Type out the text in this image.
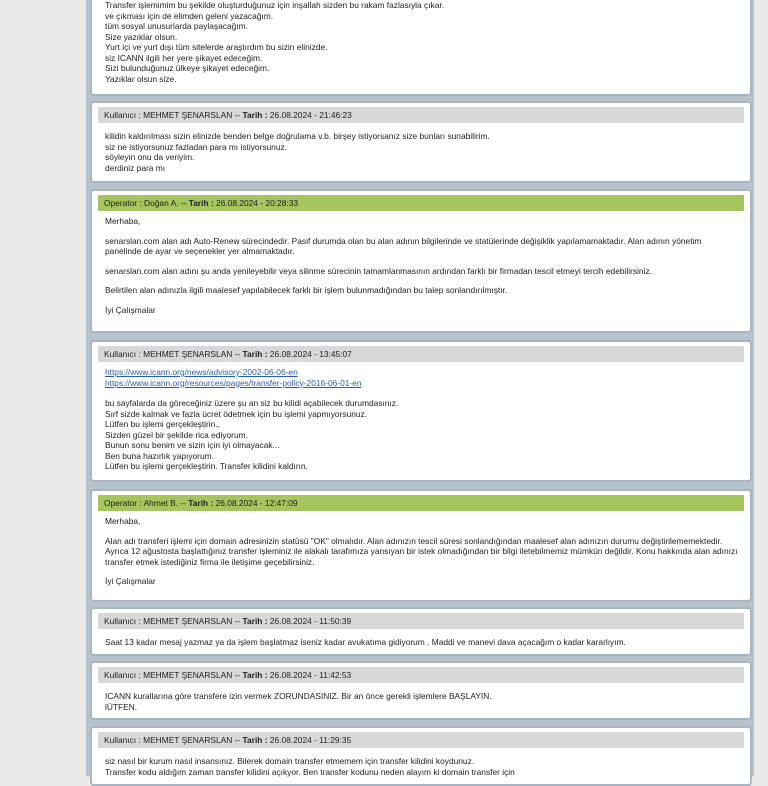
Transfer işlemimim bu şekilde oluşturduğunuz için inşallah sizden bu rakam fazlasıyla çıkar.
ve çıkması için de elimden geleni yazacağım.
tüm sosyal unusurlarda paylaşacağım.
Size yazıklar olsun.
Yurt içi ve yurt dışı tüm sitelerde araştırdım bu sizin elinizde.
siz ICANN ilgili her yere şikayet edeceğim.
Sizi bulunduğunuz ülkeye şikayet edeceğim.
Yazıklar olsun size.
Kullanıcı : MEHMET ŞENARSLAN -- Tarih : 26.08.2024 - 21:46:23
kilidin kaldırılması sizin elinizde benden belge doğrulama v.b. birşey istiyorsanız size bunları sunabilirim.
siz ne istiyorsunuz fazladan para mı istiyorsunuz.
söyleyin onu da veriyim.
derdiniz para mı
Operator : Doğan A. -- Tarih : 26.08.2024 - 20:28:33

Merhaba,

senarslan.com alan adı Auto-Renew sürecindedir. Pasif durumda olan bu alan adının bilgilerinde ve statülerinde değişiklik yapılamamaktadır. Alan adının yönetim panelinde de ayar ve seçenekler yer almamaktadır.

senarslan.com alan adını şu anda yenileyebilir veya silinme sürecinin tamamlanmasının ardından farklı bir firmadan tescil etmeyi tercih edebilirsiniz.

Belirtilen alan adınızla ilgili maalesef yapılabilecek farklı bir işlem bulunmadığından bu talep sonlandırılmıştır.

İyi Çalışmalar

Kullanıcı : MEHMET ŞENARSLAN -- Tarih : 26.08.2024 - 13:45:07
https://www.icann.org/news/advisory-2002-06-06-en
https://www.icann.org/resources/pages/transfer-policy-2016-06-01-en
bu sayfalarda da göreceğiniz üzere şu an siz bu kilidi açabilecek durumdasınız.
Sırf sizde kalmak ve fazla ücret ödetmek için bu işlemi yapmıyorsunuz.
Lütfen bu işlemi gerçekleştirin.,
Sizden güzel bir şekilde rica ediyorum.
Bunun sonu benim ve sizin için iyi olmayacak...
Ben buna hazırlık yapıyorum.
Lütfen bu işlemi gerçekleştirin. Transfer kilidini kaldırın.
Operator : Ahmet B. -- Tarih : 26.08.2024 - 12:47:09

Merhaba,

Alan adı transferi işlemi için domain adresinizin statüsü "OK" olmalıdır. Alan adınızın tescil süresi sonlandığından maalesef alan adınızın durumu değiştirilememektedir. Ayrıca 12 ağustosta başlattığınız transfer işleminiz ile alakalı tarafımıza yansıyan bir istek olmadığından bir bilgi iletebilmemiz mümkün değildir. Konu hakkında alan adınızı transfer etmek istediğiniz firma ile iletişime geçebilirsiniz.

İyi Çalışmalar

Kullanıcı : MEHMET ŞENARSLAN -- Tarih : 26.08.2024 - 11:50:39
Saat 13 kadar mesaj yazmaz ya da işlem başlatmaz iseniz kadar avukatıma gidiyorum . Maddi ve manevi dava açacağım o kadar kararlıyım.
Kullanıcı : MEHMET ŞENARSLAN -- Tarih : 26.08.2024 - 11:42:53
ICANN kurallarına göre transfere izin vermek ZORUNDASINIZ. Bir an önce gerekli işlemlere BAŞLAYIN.
lÜTFEN.
Kullanıcı : MEHMET ŞENARSLAN -- Tarih : 26.08.2024 - 11:29:35
siz nasıl bir kurum nasıl insansınız. Bilerek domain transfer etmemem için transfer kilidini koydunuz.
Transfer kodu aldığım zaman transfer kilidini açıkyor. Ben transfer kodunu neden alayım ki domain transfer için
